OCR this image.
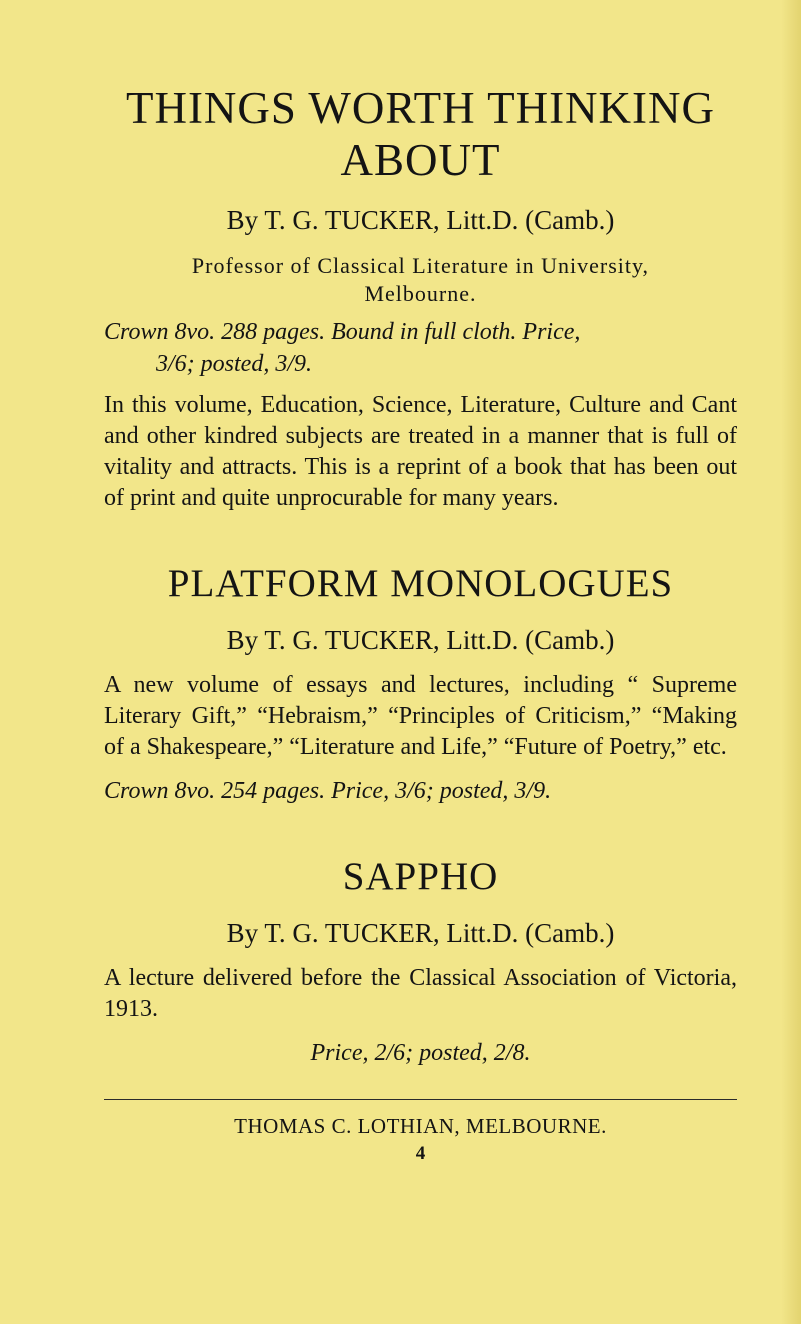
THINGS WORTH THINKING
ABOUT

By T. G. TUCKER, Litt.D. (Camb.)

Professor of Classical Literature in University,
Melbourne.

Crown 8vo. 288 pages. Bound in full cloth. Price,
3/6; posted, 3/9.

In this volume, Education, Science, Literature, Culture and Cant and other kindred subjects are treated in a manner that is full of vitality and attracts. This is a reprint of a book that has been out of print and quite unprocurable for many years.

PLATFORM MONOLOGUES

By T. G. TUCKER, Litt.D. (Camb.)

A new volume of essays and lectures, including “ Supreme Literary Gift,” “Hebraism,” “Principles of Criticism,” “Making of a Shakespeare,” “Literature and Life,” “Future of Poetry,” etc.

Crown 8vo. 254 pages. Price, 3/6; posted, 3/9.

SAPPHO

By T. G. TUCKER, Litt.D. (Camb.)

A lecture delivered before the Classical Association of Victoria, 1913.

Price, 2/6; posted, 2/8.

THOMAS C. LOTHIAN, MELBOURNE.

4
